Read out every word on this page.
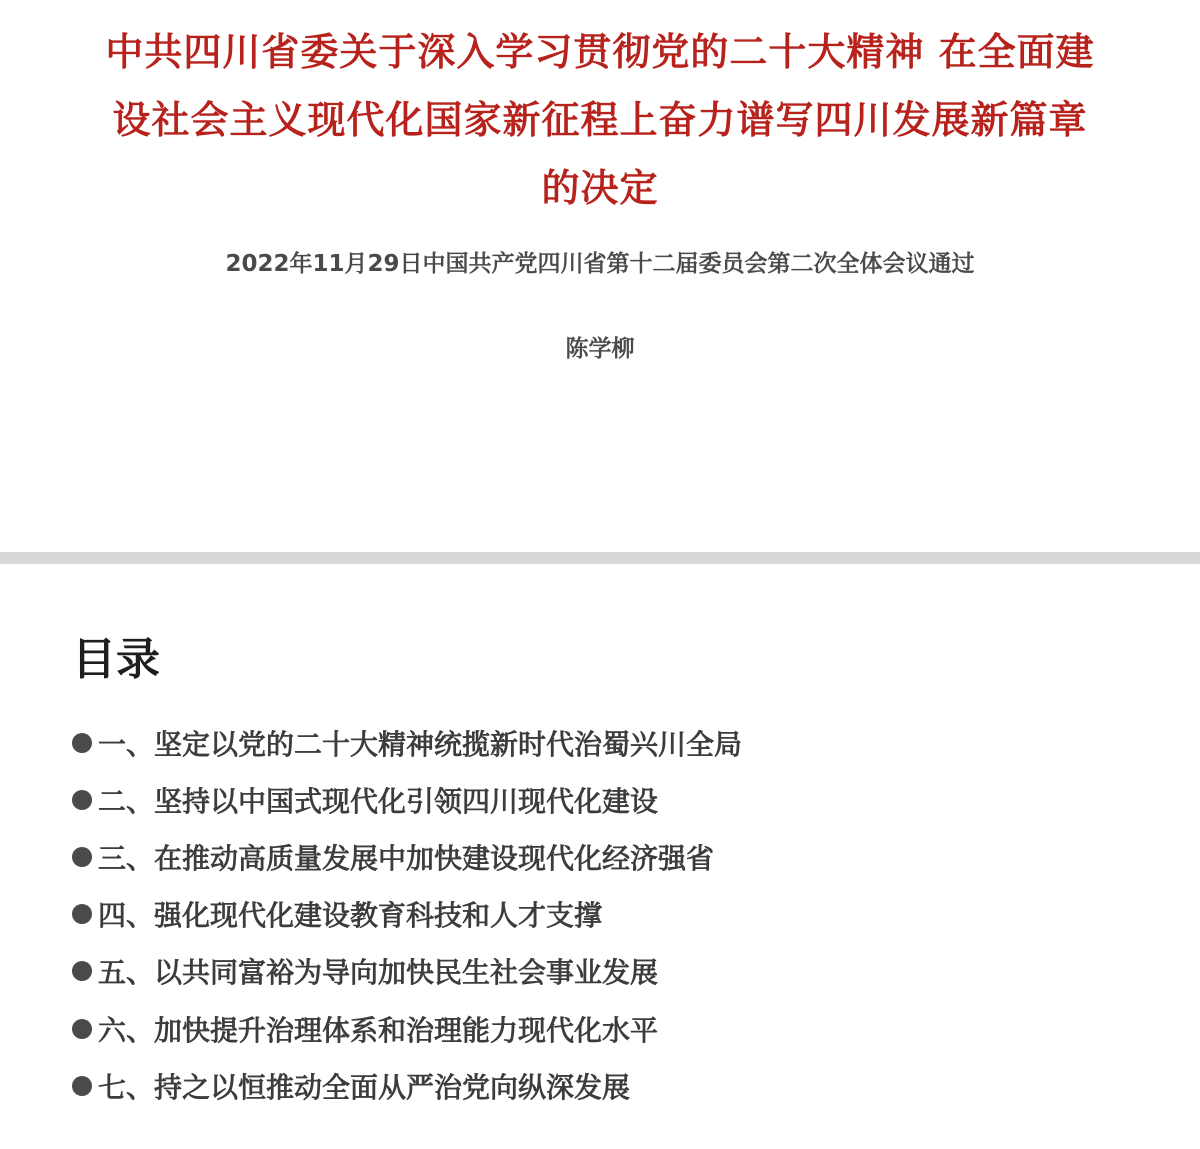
中共四川省委关于深入学习贯彻党的二十大精神 在全面建设社会主义现代化国家新征程上奋力谱写四川发展新篇章的决定

2022年11月29日中国共产党四川省第十二届委员会第二次全体会议通过

陈学柳

目录
一、坚定以党的二十大精神统揽新时代治蜀兴川全局
二、坚持以中国式现代化引领四川现代化建设
三、在推动高质量发展中加快建设现代化经济强省
四、强化现代化建设教育科技和人才支撑
五、以共同富裕为导向加快民生社会事业发展
六、加快提升治理体系和治理能力现代化水平
七、持之以恒推动全面从严治党向纵深发展
